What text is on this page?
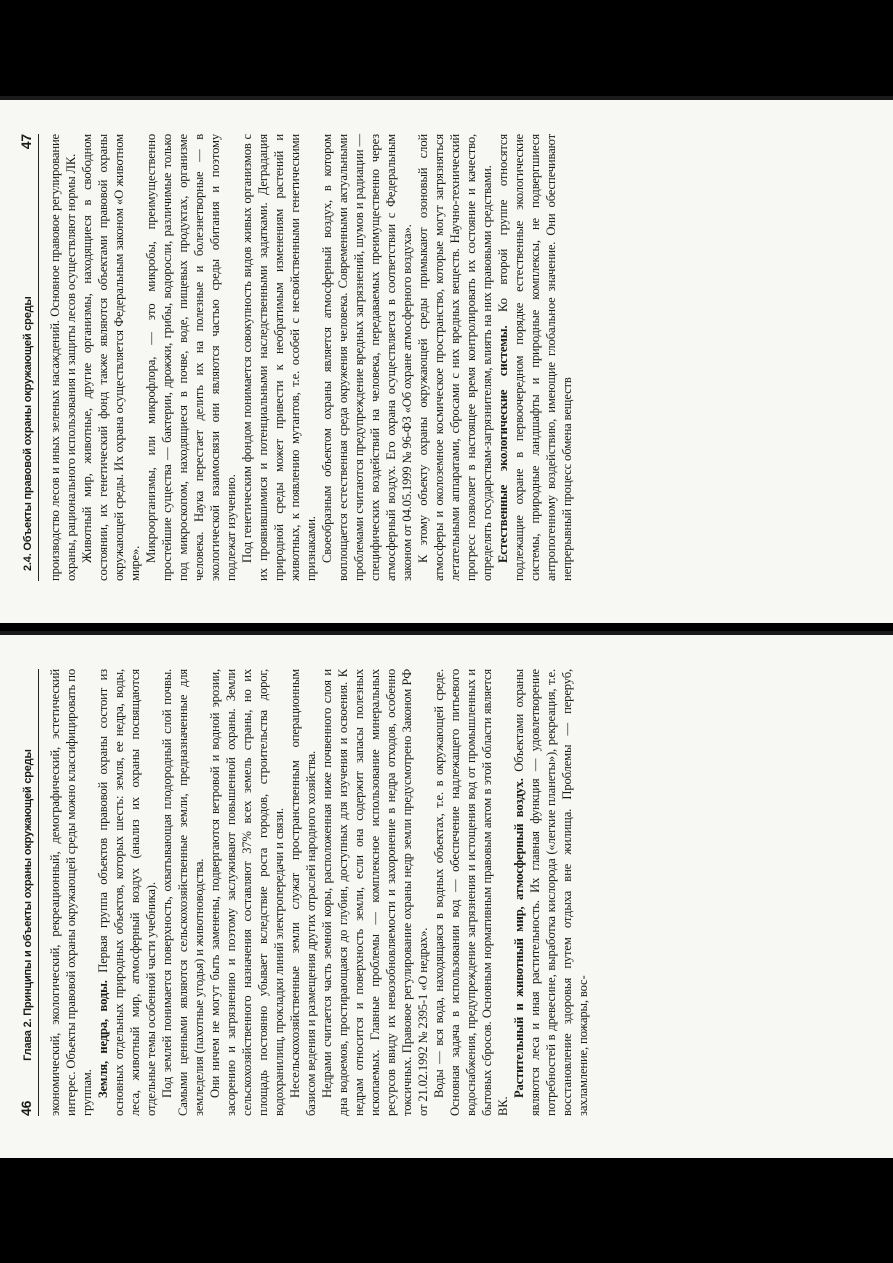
2.4. Объекты правовой охраны окружающей среды
47 производство лесов и иных зеленых насаждений. Основное правовое регулирование охраны, рационального использования и защиты лесов осуществляют нормы ЛК. Животный мир, животные, другие организмы, находящиеся в свободном состоянии, их генетический фонд также являются объектами правовой охраны окружающей среды. Их охрана осуществляется Федеральным законом «О животном мире».

Микроорганизмы, или микрофлора, — это микробы, преимущественно простейшие существа — бактерии, дрожжи, грибы, водоросли, различимые только под микроскопом, находящиеся в почве, воде, пищевых продуктах, организме человека. Наука перестает делить их на полезные и болезнетворные — в экологической взаимосвязи они являются частью среды обитания и поэтому подлежат изучению. Под генетическим фондом понимается совокупность видов живых организмов с их проявившимися и потенциальными наследственными задатками. Деградация природной среды может привести к необратимым изменениям растений и животных, к появлению мутантов, т.е. особей с несвойственными генетическими признаками. Своеобразным объектом охраны является атмосферный воздух, в котором воплощается естественная среда окружения человека. Современными актуальными проблемами считаются предупреждение вредных загрязнений, шумов и радиации — специфических воздействий на человека, передаваемых преимущественно через атмосферный воздух. Его охрана осуществляется в соответствии с Федеральным законом от 04.05.1999 № 96-ФЗ «Об охране атмосферного воздуха». К этому объекту охраны окружающей среды примыкают озоновый слой атмосферы и околоземное космическое пространство, которые могут загрязняться летательными аппаратами, сбросами с них вредных веществ. Научно-технический прогресс позволяет в настоящее время контролировать их состояние и качество, определять государствам-загрязнителям, влиять на них правовыми средствами. Естественные экологические системы. Ко второй группе относятся подлежащие охране в первоочередном порядке естественные экологические системы, природные ландшафты и природные комплексы, не подвергшиеся антропогенному воздействию, имеющие глобальное значение. Они обеспечивают непрерывный процесс обмена веществ

46
Глава 2. Принципы и объекты охраны окружающей среды экономический, экологический, рекреационный, демографический, эстетический интерес. Объекты правовой охраны окружающей среды можно классифицировать по группам. Земля, недра, воды. Первая группа объектов правовой охраны состоит из основных отдельных природных объектов, которых шесть: земля, ее недра, воды, леса, животный мир, атмосферный воздух (анализ их охраны посвящаются отдельные темы особенной части учебника). Под землей понимается поверхность, охватывающая плодородный слой почвы. Самыми ценными являются сельскохозяйственные земли, предназначенные для земледелия (пахотные угодья) и животноводства. Они ничем не могут быть заменены, подвергаются ветровой и водной эрозии, засорению и загрязнению и поэтому заслуживают повышенной охраны. Земли сельскохозяйственного назначения составляют 37% всех земель страны, но их площадь постоянно убывает вследствие роста городов, строительства дорог, водохранилищ, прокладки линий электропередачи и связи. Несельскохозяйственные земли служат пространственным операционным базисом ведения и размещения других отраслей народного хозяйства. Недрами считается часть земной коры, расположенная ниже почвенного слоя и дна водоемов, простирающаяся до глубин, доступных для изучения и освоения. К недрам относится и поверхность земли, если она содержит запасы полезных ископаемых. Главные проблемы — комплексное использование минеральных ресурсов ввиду их невозобновляемости и захоронение в недра отходов, особенно токсичных. Правовое регулирование охраны недр земли предусмотрено Законом РФ от 21.02.1992 № 2395-1 «О недрах». Воды — вся вода, находящаяся в водных объектах, т.е. в окружающей среде. Основная задача в использовании вод — обеспечение надлежащего питьевого водоснабжения, предупреждение загрязнения и истощения вод от промышленных и бытовых сбросов. Основным нормативным правовым актом в этой области является ВК.

Растительный и животный мир, атмосферный воздух. Объектами охраны являются леса и иная растительность. Их главная функция — удовлетворение потребностей в древесине, выработка кислорода («легкие планеты»), рекреация, т.е. восстановление здоровья путем отдыха вне жилища. Проблемы — переруб, захламление, пожары, вос-
